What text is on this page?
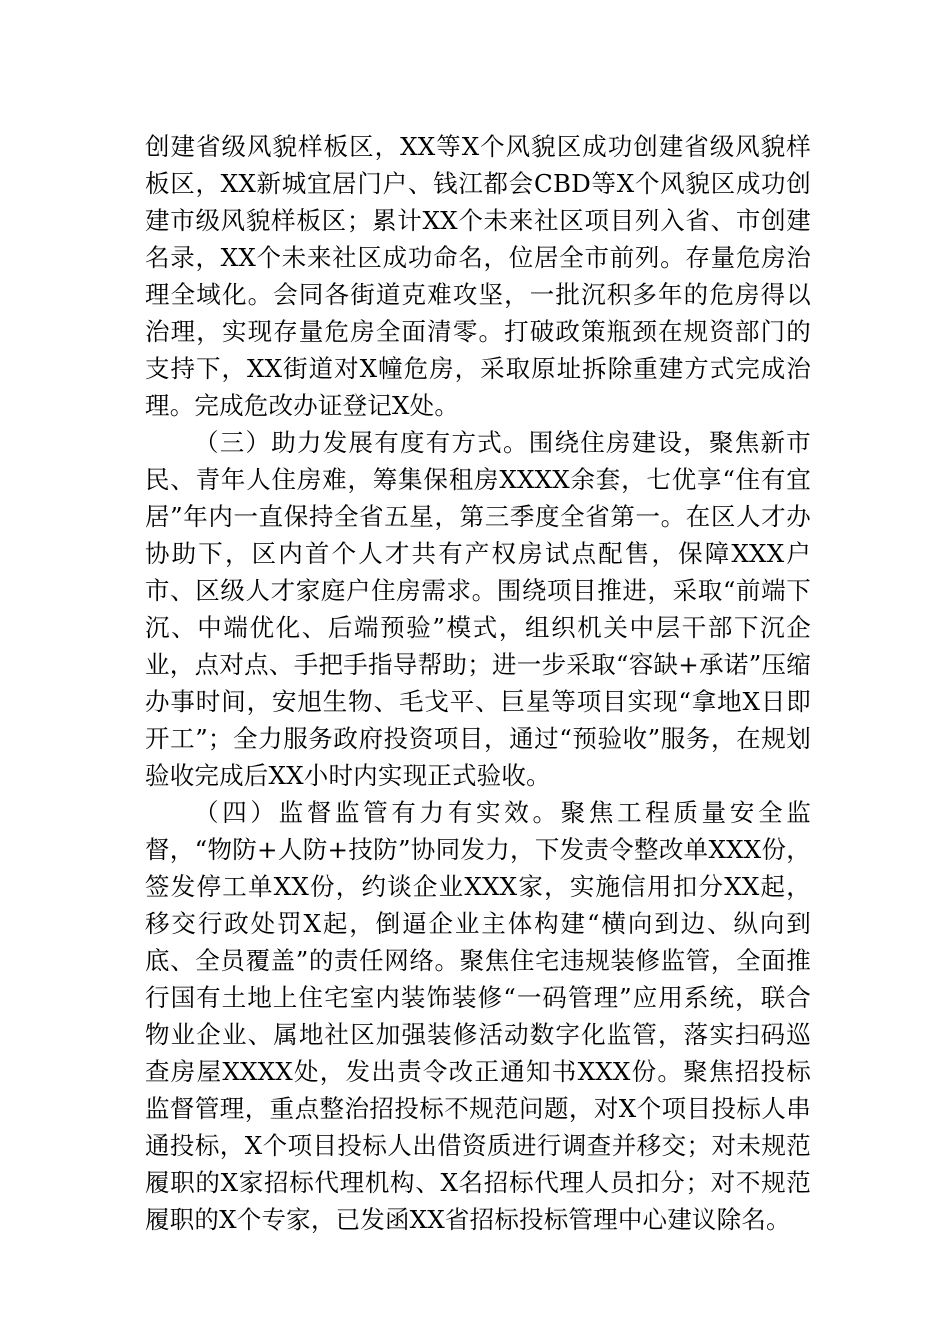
创建省级风貌样板区，XX等X个风貌区成功创建省级风貌样板区，XX新城宜居门户、钱江都会CBD等X个风貌区成功创建市级风貌样板区；累计XX个未来社区项目列入省、市创建名录，XX个未来社区成功命名，位居全市前列。存量危房治理全域化。会同各街道克难攻坚，一批沉积多年的危房得以治理，实现存量危房全面清零。打破政策瓶颈在规资部门的支持下，XX街道对X幢危房，采取原址拆除重建方式完成治理。完成危改办证登记X处。

（三）助力发展有度有方式。围绕住房建设，聚焦新市民、青年人住房难，筹集保租房XXXX余套，七优享“住有宜居”年内一直保持全省五星，第三季度全省第一。在区人才办协助下，区内首个人才共有产权房试点配售，保障XXX户市、区级人才家庭户住房需求。围绕项目推进，采取“前端下沉、中端优化、后端预验”模式，组织机关中层干部下沉企业，点对点、手把手指导帮助；进一步采取“容缺+承诺”压缩办事时间，安旭生物、毛戈平、巨星等项目实现“拿地X日即开工”；全力服务政府投资项目，通过“预验收”服务，在规划验收完成后XX小时内实现正式验收。

（四）监督监管有力有实效。聚焦工程质量安全监督，“物防+人防+技防”协同发力，下发责令整改单XXX份，签发停工单XX份，约谈企业XXX家，实施信用扣分XX起，移交行政处罚X起，倒逼企业主体构建“横向到边、纵向到底、全员覆盖”的责任网络。聚焦住宅违规装修监管，全面推行国有土地上住宅室内装饰装修“一码管理”应用系统，联合物业企业、属地社区加强装修活动数字化监管，落实扫码巡查房屋XXXX处，发出责令改正通知书XXX份。聚焦招投标监督管理，重点整治招投标不规范问题，对X个项目投标人串通投标，X个项目投标人出借资质进行调查并移交；对未规范履职的X家招标代理机构、X名招标代理人员扣分；对不规范履职的X个专家，已发函XX省招标投标管理中心建议除名。
